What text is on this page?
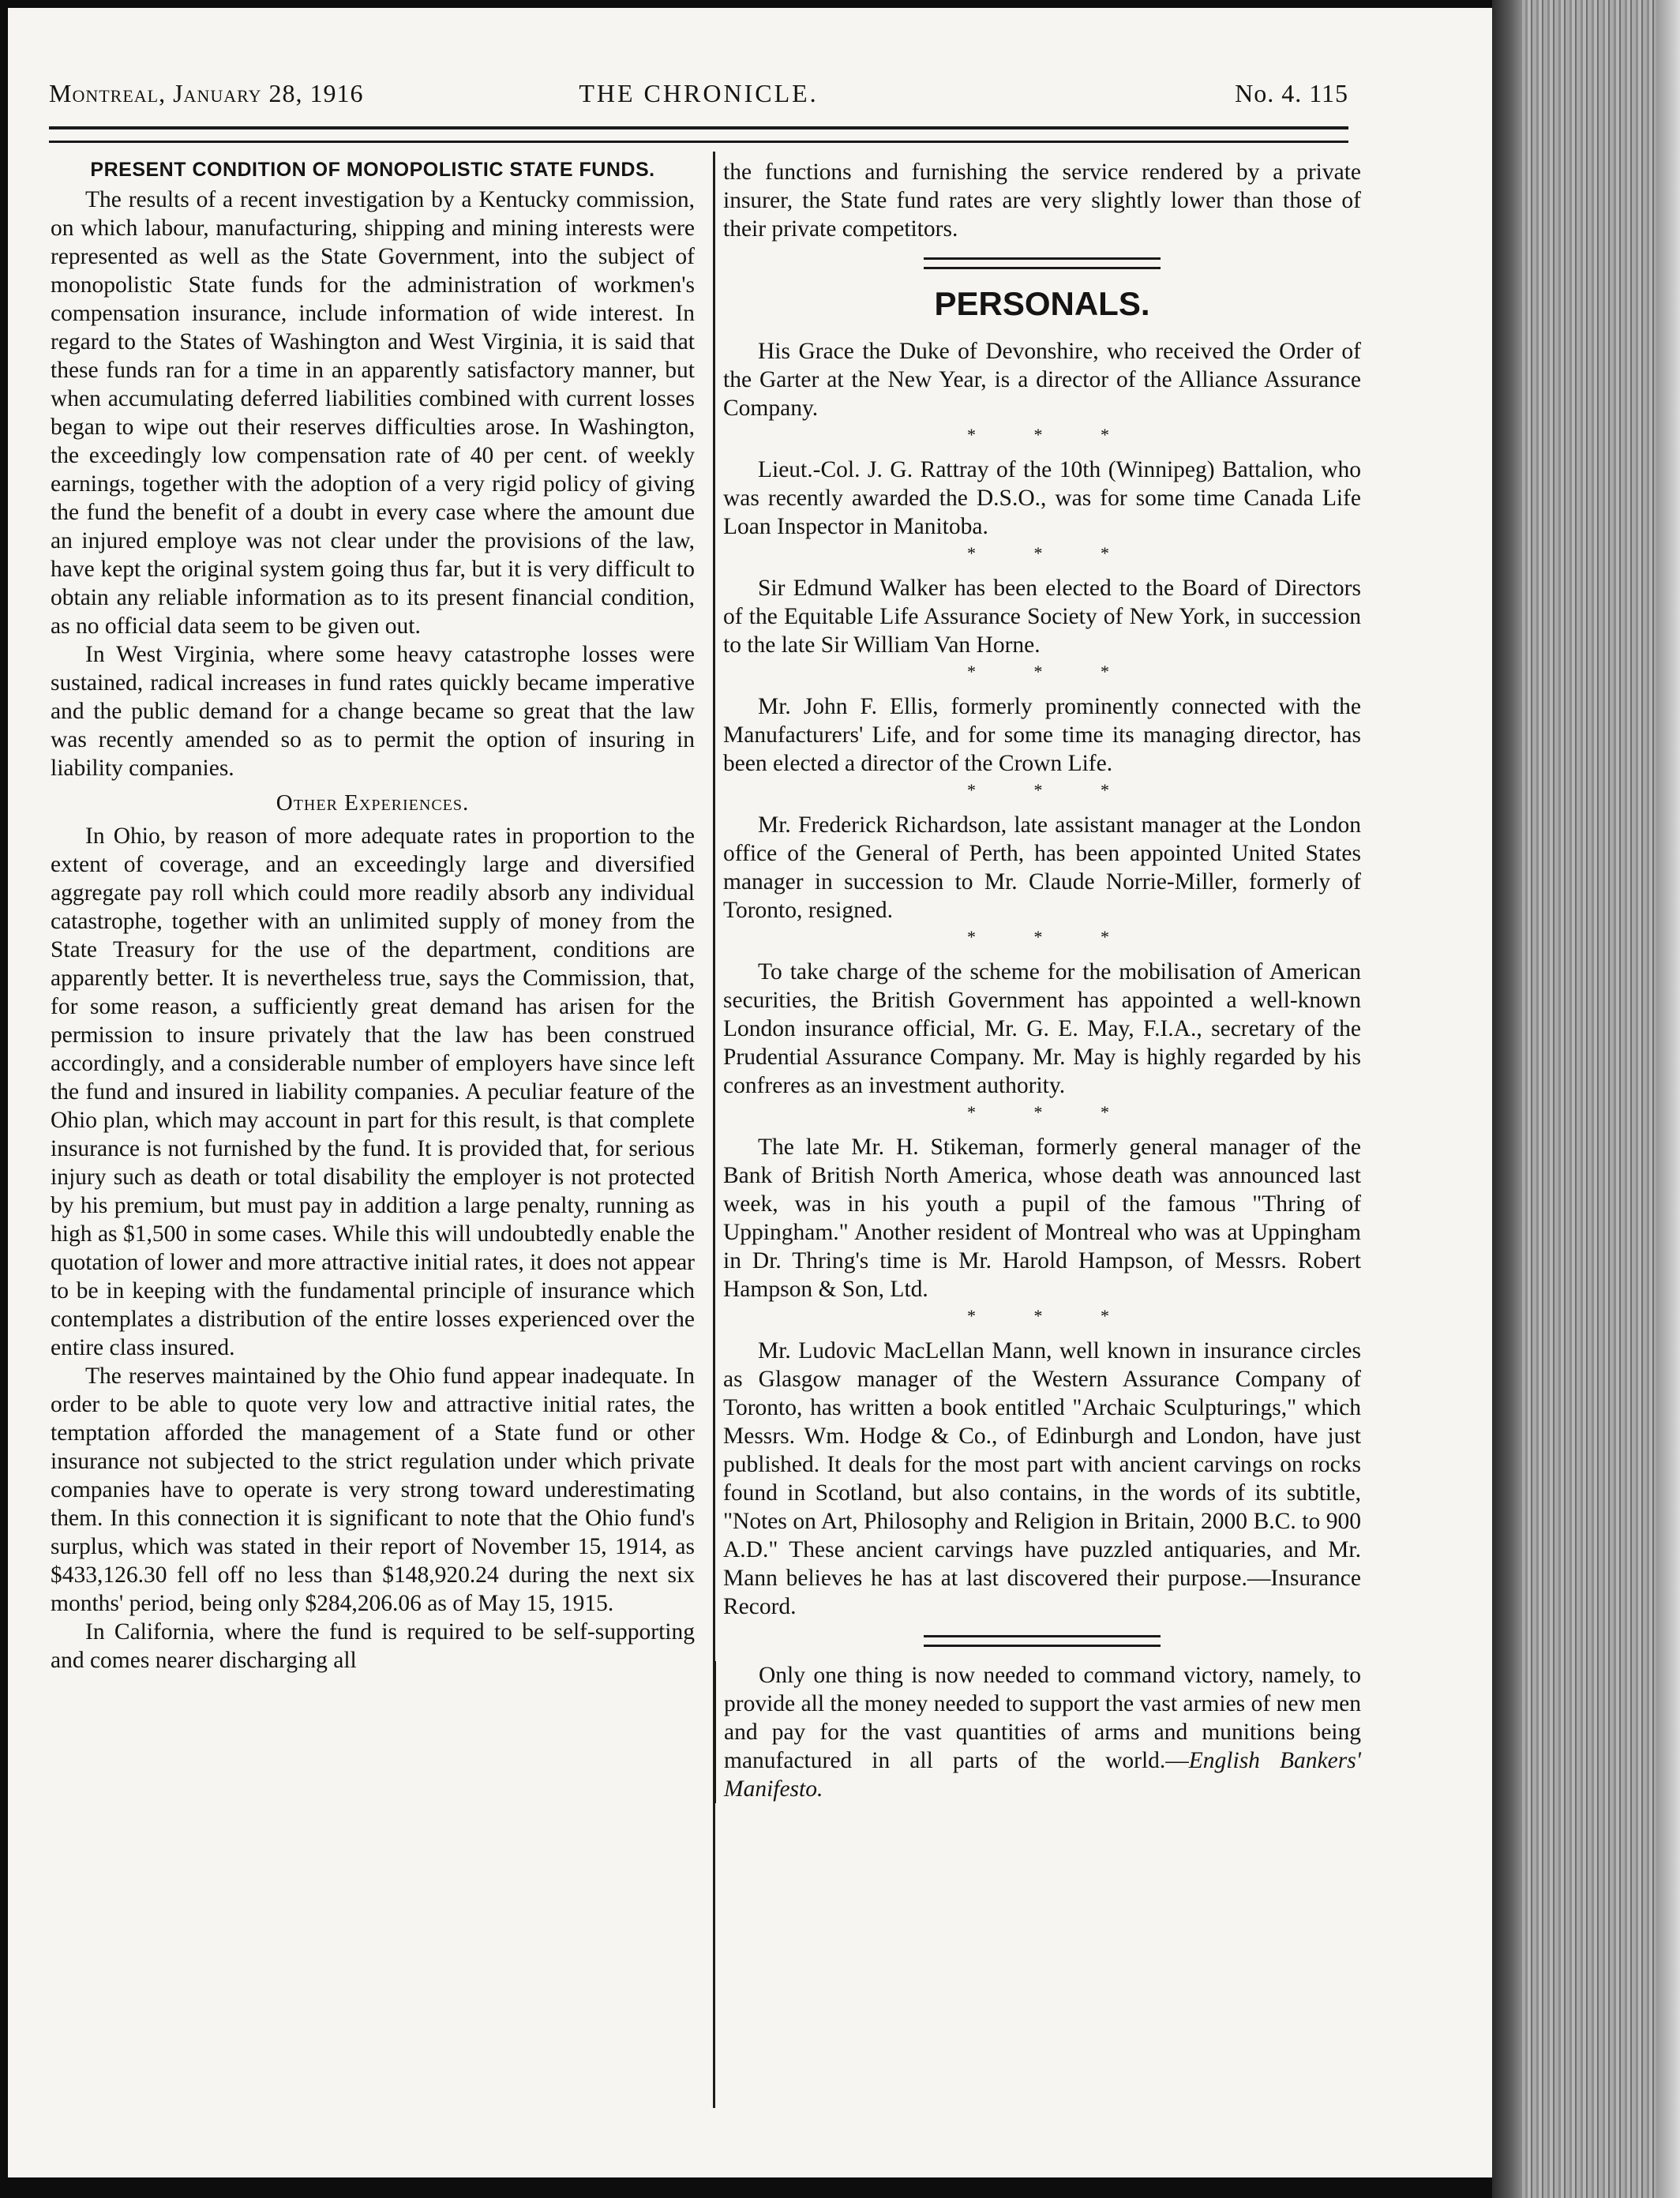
Montreal, January 28, 1916	THE CHRONICLE.	No. 4. 115
PRESENT CONDITION OF MONOPOLISTIC STATE FUNDS.

The results of a recent investigation by a Kentucky commission, on which labour, manufacturing, shipping and mining interests were represented as well as the State Government, into the subject of monopolistic State funds for the administration of workmen's compensation insurance, include information of wide interest. In regard to the States of Washington and West Virginia, it is said that these funds ran for a time in an apparently satisfactory manner, but when accumulating deferred liabilities combined with current losses began to wipe out their reserves difficulties arose. In Washington, the exceedingly low compensation rate of 40 per cent. of weekly earnings, together with the adoption of a very rigid policy of giving the fund the benefit of a doubt in every case where the amount due an injured employe was not clear under the provisions of the law, have kept the original system going thus far, but it is very difficult to obtain any reliable information as to its present financial condition, as no official data seem to be given out.

In West Virginia, where some heavy catastrophe losses were sustained, radical increases in fund rates quickly became imperative and the public demand for a change became so great that the law was recently amended so as to permit the option of insuring in liability companies.

Other Experiences.

In Ohio, by reason of more adequate rates in proportion to the extent of coverage, and an exceedingly large and diversified aggregate pay roll which could more readily absorb any individual catastrophe, together with an unlimited supply of money from the State Treasury for the use of the department, conditions are apparently better. It is nevertheless true, says the Commission, that, for some reason, a sufficiently great demand has arisen for the permission to insure privately that the law has been construed accordingly, and a considerable number of employers have since left the fund and insured in liability companies. A peculiar feature of the Ohio plan, which may account in part for this result, is that complete insurance is not furnished by the fund. It is provided that, for serious injury such as death or total disability the employer is not protected by his premium, but must pay in addition a large penalty, running as high as $1,500 in some cases. While this will undoubtedly enable the quotation of lower and more attractive initial rates, it does not appear to be in keeping with the fundamental principle of insurance which contemplates a distribution of the entire losses experienced over the entire class insured.

The reserves maintained by the Ohio fund appear inadequate. In order to be able to quote very low and attractive initial rates, the temptation afforded the management of a State fund or other insurance not subjected to the strict regulation under which private companies have to operate is very strong toward underestimating them. In this connection it is significant to note that the Ohio fund's surplus, which was stated in their report of November 15, 1914, as $433,126.30 fell off no less than $148,920.24 during the next six months' period, being only $284,206.06 as of May 15, 1915.

In California, where the fund is required to be self-supporting and comes nearer discharging all

the functions and furnishing the service rendered by a private insurer, the State fund rates are very slightly lower than those of their private competitors.

PERSONALS.

His Grace the Duke of Devonshire, who received the Order of the Garter at the New Year, is a director of the Alliance Assurance Company.

* * *

Lieut.-Col. J. G. Rattray of the 10th (Winnipeg) Battalion, who was recently awarded the D.S.O., was for some time Canada Life Loan Inspector in Manitoba.

* * *

Sir Edmund Walker has been elected to the Board of Directors of the Equitable Life Assurance Society of New York, in succession to the late Sir William Van Horne.

* * *

Mr. John F. Ellis, formerly prominently connected with the Manufacturers' Life, and for some time its managing director, has been elected a director of the Crown Life.

* * *

Mr. Frederick Richardson, late assistant manager at the London office of the General of Perth, has been appointed United States manager in succession to Mr. Claude Norrie-Miller, formerly of Toronto, resigned.

* * *

To take charge of the scheme for the mobilisation of American securities, the British Government has appointed a well-known London insurance official, Mr. G. E. May, F.I.A., secretary of the Prudential Assurance Company. Mr. May is highly regarded by his confreres as an investment authority.

* * *

The late Mr. H. Stikeman, formerly general manager of the Bank of British North America, whose death was announced last week, was in his youth a pupil of the famous "Thring of Uppingham." Another resident of Montreal who was at Uppingham in Dr. Thring's time is Mr. Harold Hampson, of Messrs. Robert Hampson & Son, Ltd.

* * *

Mr. Ludovic MacLellan Mann, well known in insurance circles as Glasgow manager of the Western Assurance Company of Toronto, has written a book entitled "Archaic Sculpturings," which Messrs. Wm. Hodge & Co., of Edinburgh and London, have just published. It deals for the most part with ancient carvings on rocks found in Scotland, but also contains, in the words of its subtitle, "Notes on Art, Philosophy and Religion in Britain, 2000 B.C. to 900 A.D." These ancient carvings have puzzled antiquaries, and Mr. Mann believes he has at last discovered their purpose.—Insurance Record.

Only one thing is now needed to command victory, namely, to provide all the money needed to support the vast armies of new men and pay for the vast quantities of arms and munitions being manufactured in all parts of the world.—English Bankers' Manifesto.
